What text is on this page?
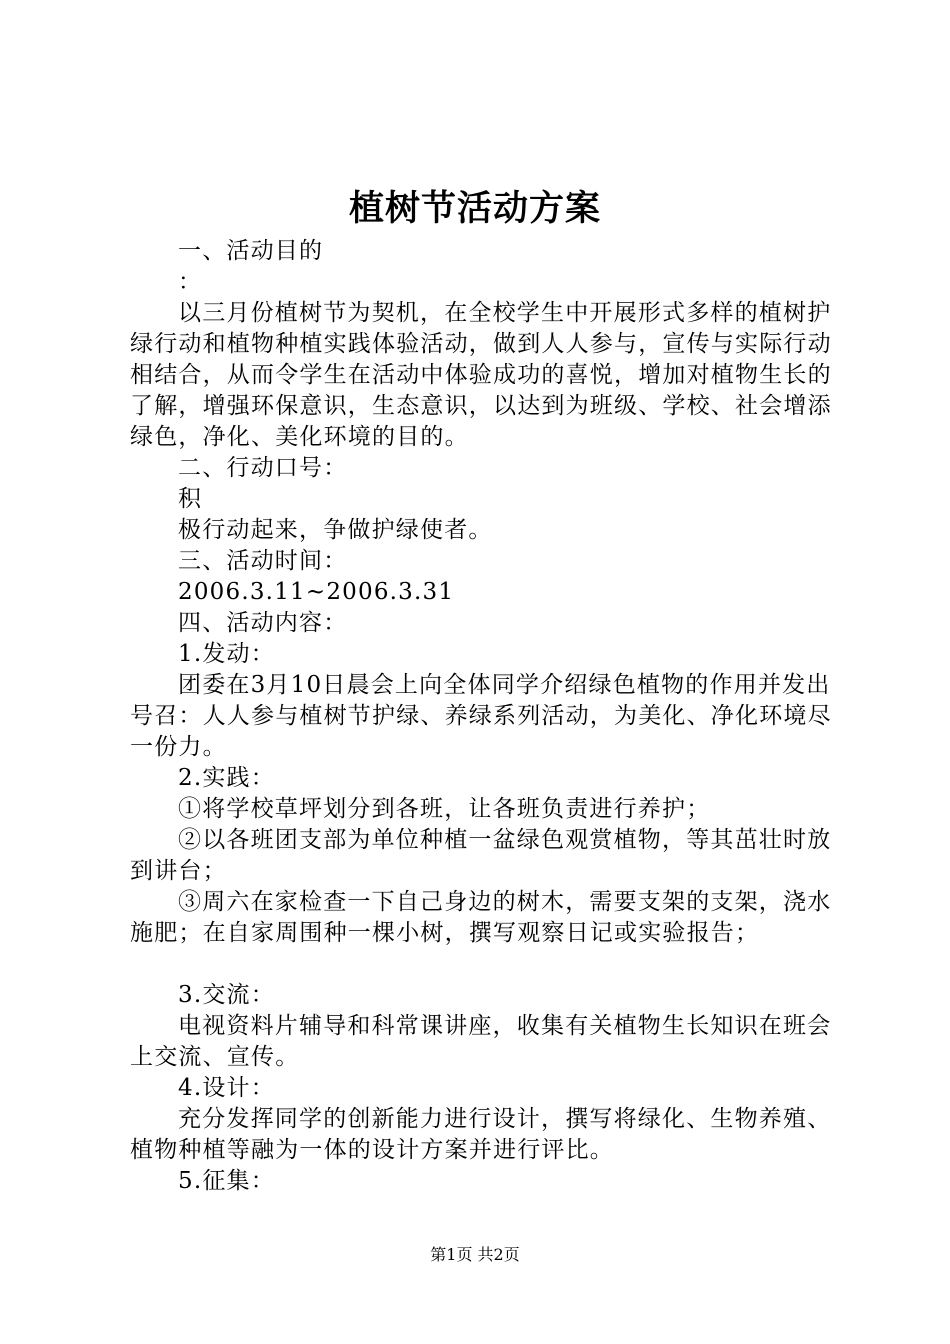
植树节活动方案

一、活动目的

：

以三月份植树节为契机，在全校学生中开展形式多样的植树护绿行动和植物种植实践体验活动，做到人人参与，宣传与实际行动相结合，从而令学生在活动中体验成功的喜悦，增加对植物生长的了解，增强环保意识，生态意识，以达到为班级、学校、社会增添绿色，净化、美化环境的目的。

二、行动口号：

积

极行动起来，争做护绿使者。

三、活动时间：

2006.3.11~2006.3.31

四、活动内容：

1.发动：

团委在3月10日晨会上向全体同学介绍绿色植物的作用并发出号召：人人参与植树节护绿、养绿系列活动，为美化、净化环境尽一份力。

2.实践：

①将学校草坪划分到各班，让各班负责进行养护；

②以各班团支部为单位种植一盆绿色观赏植物，等其茁壮时放到讲台；

③周六在家检查一下自己身边的树木，需要支架的支架，浇水施肥；在自家周围种一棵小树，撰写观察日记或实验报告；

3.交流：

电视资料片辅导和科常课讲座，收集有关植物生长知识在班会上交流、宣传。

4.设计：

充分发挥同学的创新能力进行设计，撰写将绿化、生物养殖、植物种植等融为一体的设计方案并进行评比。

5.征集：

第1页 共2页
